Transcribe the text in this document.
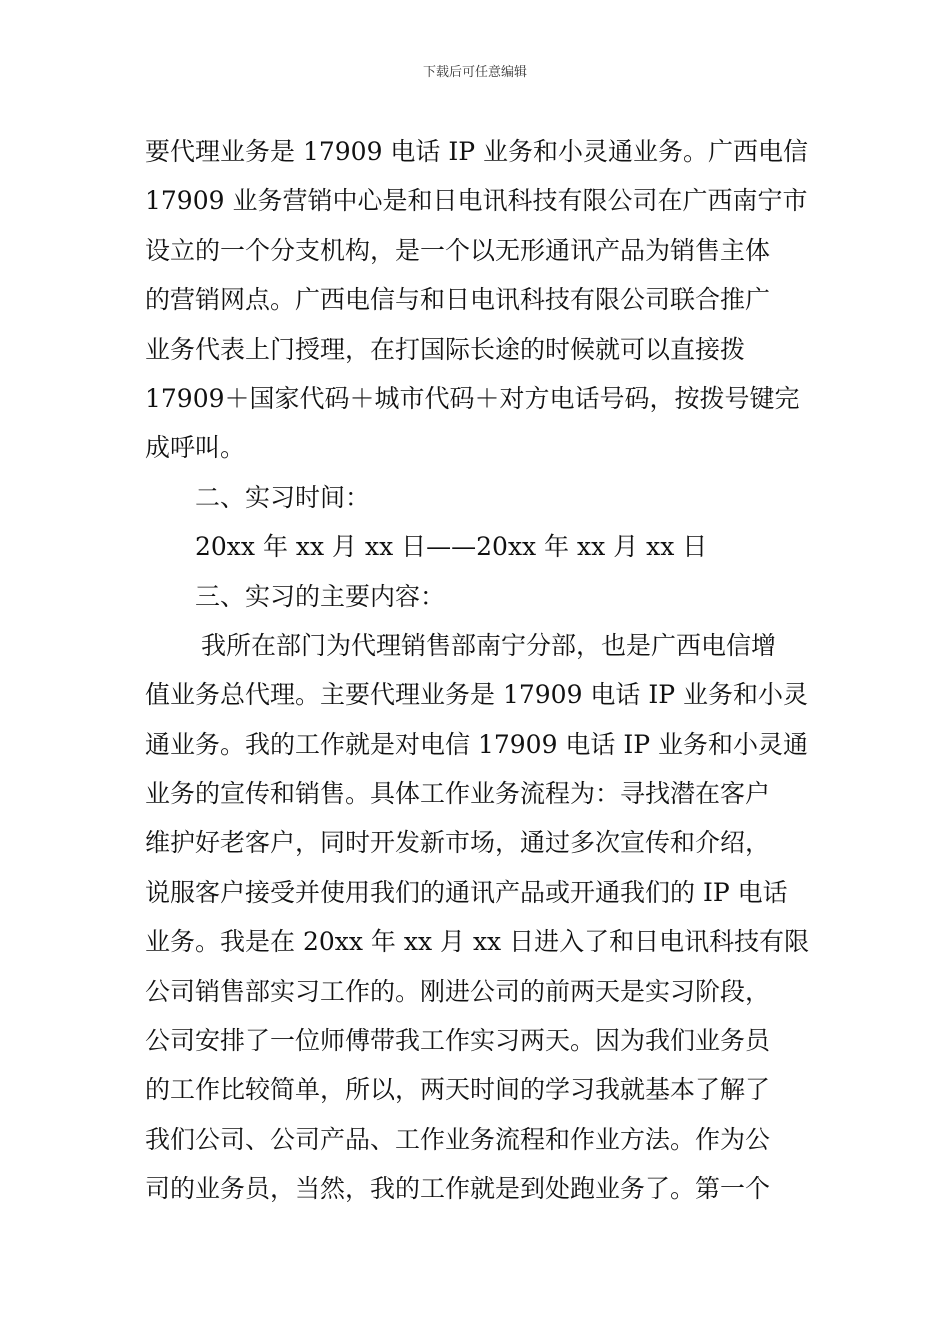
下载后可任意编辑
要代理业务是 17909 电话 IP 业务和小灵通业务。广西电信
17909 业务营销中心是和日电讯科技有限公司在广西南宁市
设立的一个分支机构，是一个以无形通讯产品为销售主体
的营销网点。广西电信与和日电讯科技有限公司联合推广
业务代表上门授理，在打国际长途的时候就可以直接拨
17909＋国家代码＋城市代码＋对方电话号码，按拨号键完
成呼叫。
二、实习时间：
20xx 年 xx 月 xx 日——20xx 年 xx 月 xx 日
三、实习的主要内容：
我所在部门为代理销售部南宁分部，也是广西电信增
值业务总代理。主要代理业务是 17909 电话 IP 业务和小灵
通业务。我的工作就是对电信 17909 电话 IP 业务和小灵通
业务的宣传和销售。具体工作业务流程为：寻找潜在客户
维护好老客户，同时开发新市场，通过多次宣传和介绍，
说服客户接受并使用我们的通讯产品或开通我们的 IP 电话
业务。我是在 20xx 年 xx 月 xx 日进入了和日电讯科技有限
公司销售部实习工作的。刚进公司的前两天是实习阶段，
公司安排了一位师傅带我工作实习两天。因为我们业务员
的工作比较简单，所以，两天时间的学习我就基本了解了
我们公司、公司产品、工作业务流程和作业方法。作为公
司的业务员，当然，我的工作就是到处跑业务了。第一个
